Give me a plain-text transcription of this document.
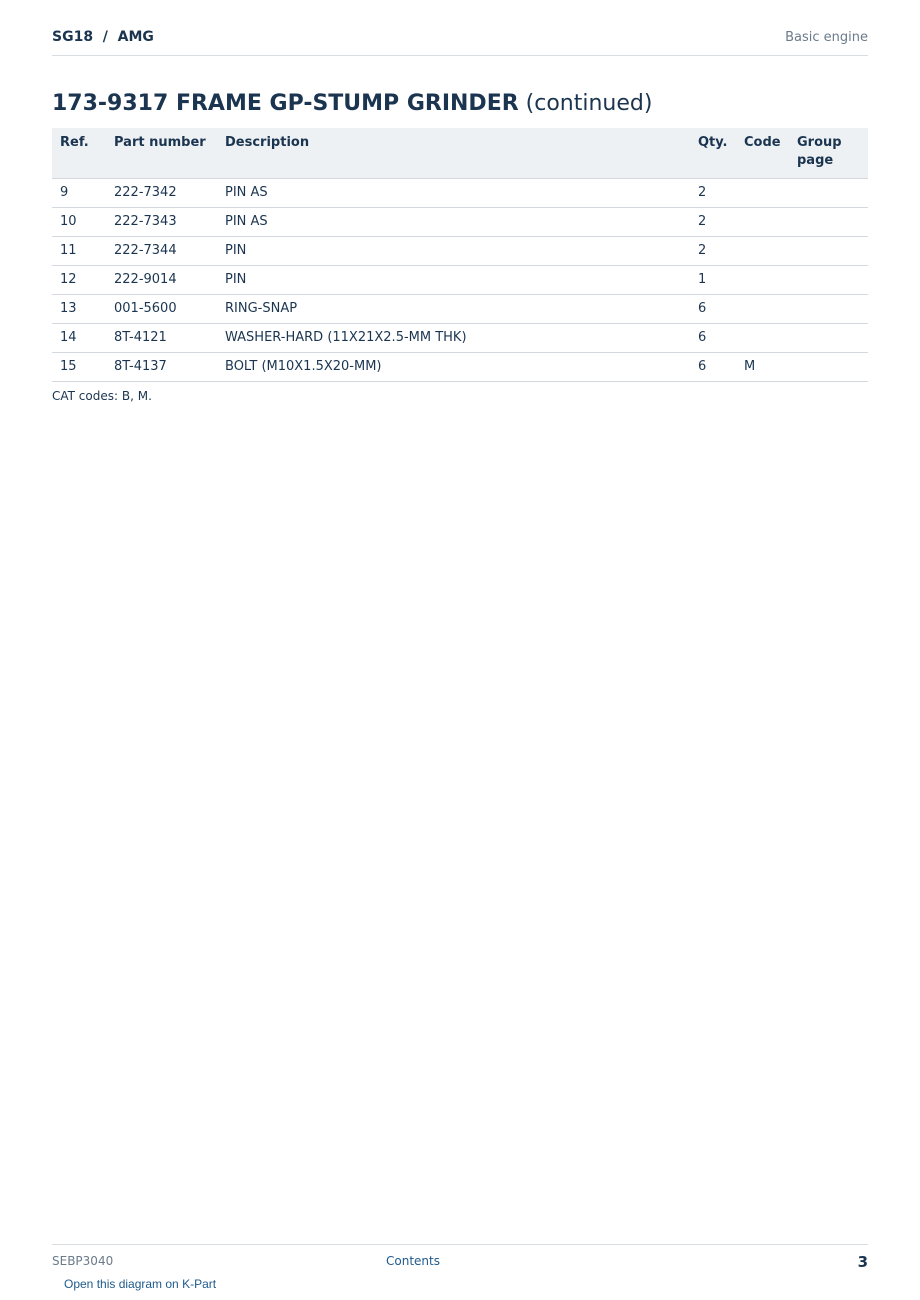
SG18  /  AMG	Basic engine
173-9317 FRAME GP-STUMP GRINDER (continued)
Ref.	Part number	Description	Qty.	Code	Group page
9	222-7342	PIN AS	2		
10	222-7343	PIN AS	2		
11	222-7344	PIN	2		
12	222-9014	PIN	1		
13	001-5600	RING-SNAP	6		
14	8T-4121	WASHER-HARD (11X21X2.5-MM THK)	6		
15	8T-4137	BOLT (M10X1.5X20-MM)	6	M	
CAT codes: B, M.
SEBP3040	Contents	3
Open this diagram on K-Part
